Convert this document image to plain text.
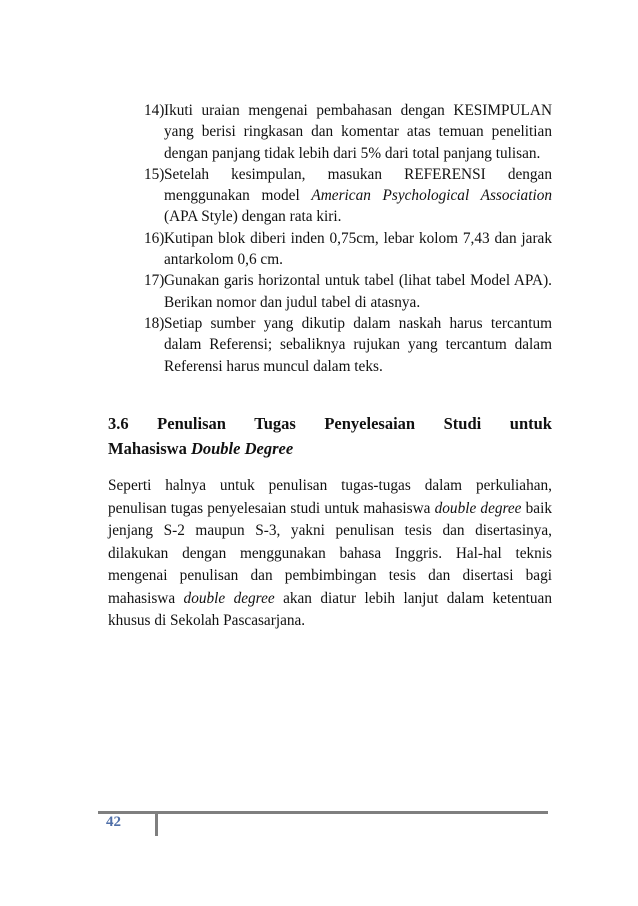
14) Ikuti uraian mengenai pembahasan dengan KESIMPULAN yang berisi ringkasan dan komentar atas temuan penelitian dengan panjang tidak lebih dari 5% dari total panjang tulisan.
15) Setelah kesimpulan, masukan REFERENSI dengan menggunakan model American Psychological Association (APA Style) dengan rata kiri.
16) Kutipan blok diberi inden 0,75cm, lebar kolom 7,43 dan jarak antarkolom 0,6 cm.
17) Gunakan garis horizontal untuk tabel (lihat tabel Model APA). Berikan nomor dan judul tabel di atasnya.
18) Setiap sumber yang dikutip dalam naskah harus tercantum dalam Referensi; sebaliknya rujukan yang tercantum dalam Referensi harus muncul dalam teks.
3.6 Penulisan Tugas Penyelesaian Studi untuk
Mahasiswa Double Degree

Seperti halnya untuk penulisan tugas-tugas dalam perkuliahan, penulisan tugas penyelesaian studi untuk mahasiswa double degree baik jenjang S-2 maupun S-3, yakni penulisan tesis dan disertasinya, dilakukan dengan menggunakan bahasa Inggris. Hal-hal teknis mengenai penulisan dan pembimbingan tesis dan disertasi bagi mahasiswa double degree akan diatur lebih lanjut dalam ketentuan khusus di Sekolah Pascasarjana.

42
